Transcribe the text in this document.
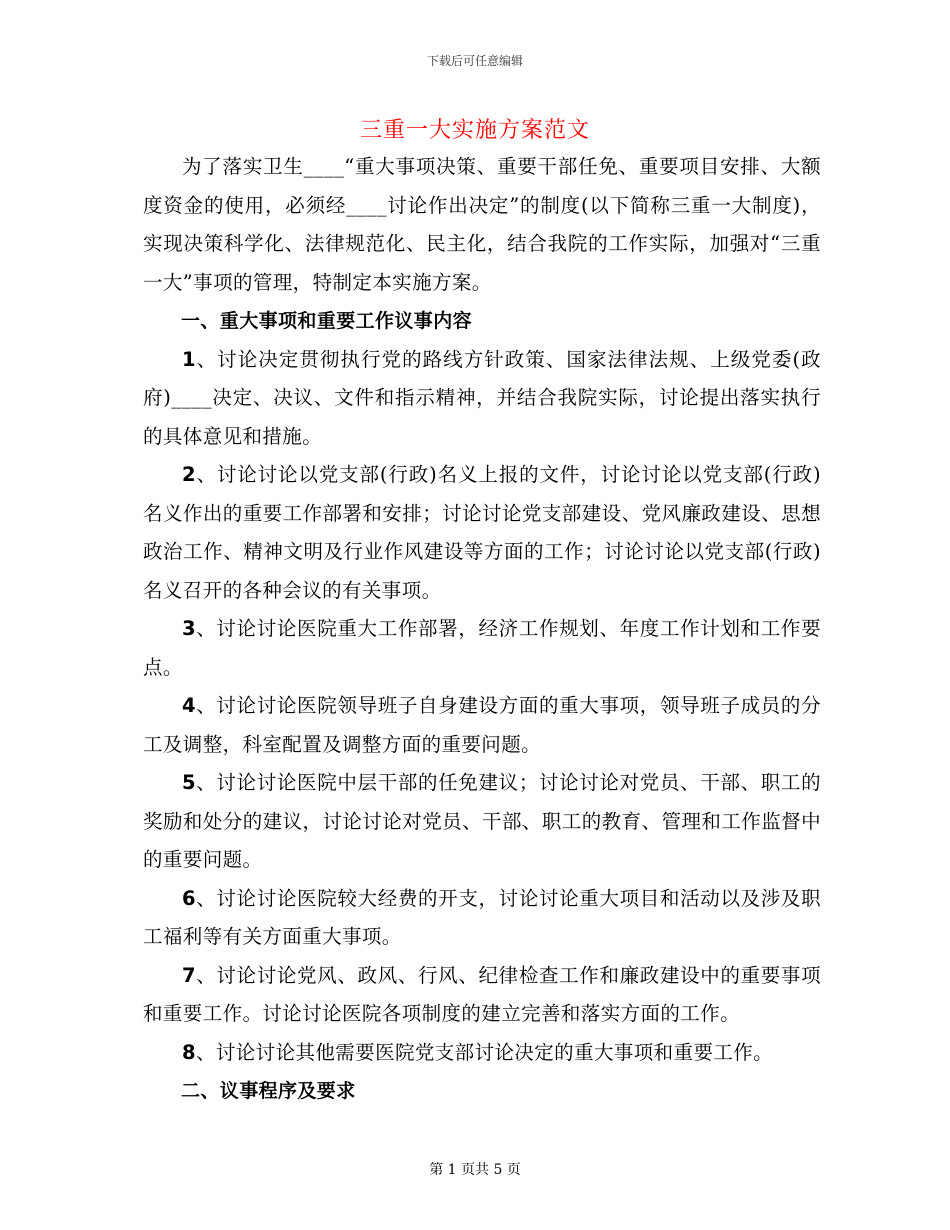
下载后可任意编辑
三重一大实施方案范文

为了落实卫生____“重大事项决策、重要干部任免、重要项目安排、大额度资金的使用，必须经____讨论作出决定”的制度(以下简称三重一大制度)，实现决策科学化、法律规范化、民主化，结合我院的工作实际，加强对“三重一大”事项的管理，特制定本实施方案。

一、重大事项和重要工作议事内容

1、讨论决定贯彻执行党的路线方针政策、国家法律法规、上级党委(政府)____决定、决议、文件和指示精神，并结合我院实际，讨论提出落实执行的具体意见和措施。

2、讨论讨论以党支部(行政)名义上报的文件，讨论讨论以党支部(行政)名义作出的重要工作部署和安排；讨论讨论党支部建设、党风廉政建设、思想政治工作、精神文明及行业作风建设等方面的工作；讨论讨论以党支部(行政)名义召开的各种会议的有关事项。

3、讨论讨论医院重大工作部署，经济工作规划、年度工作计划和工作要点。

4、讨论讨论医院领导班子自身建设方面的重大事项，领导班子成员的分工及调整，科室配置及调整方面的重要问题。

5、讨论讨论医院中层干部的任免建议；讨论讨论对党员、干部、职工的奖励和处分的建议，讨论讨论对党员、干部、职工的教育、管理和工作监督中的重要问题。

6、讨论讨论医院较大经费的开支，讨论讨论重大项目和活动以及涉及职工福利等有关方面重大事项。

7、讨论讨论党风、政风、行风、纪律检查工作和廉政建设中的重要事项和重要工作。讨论讨论医院各项制度的建立完善和落实方面的工作。

8、讨论讨论其他需要医院党支部讨论决定的重大事项和重要工作。

二、议事程序及要求

第 1 页共 5 页
